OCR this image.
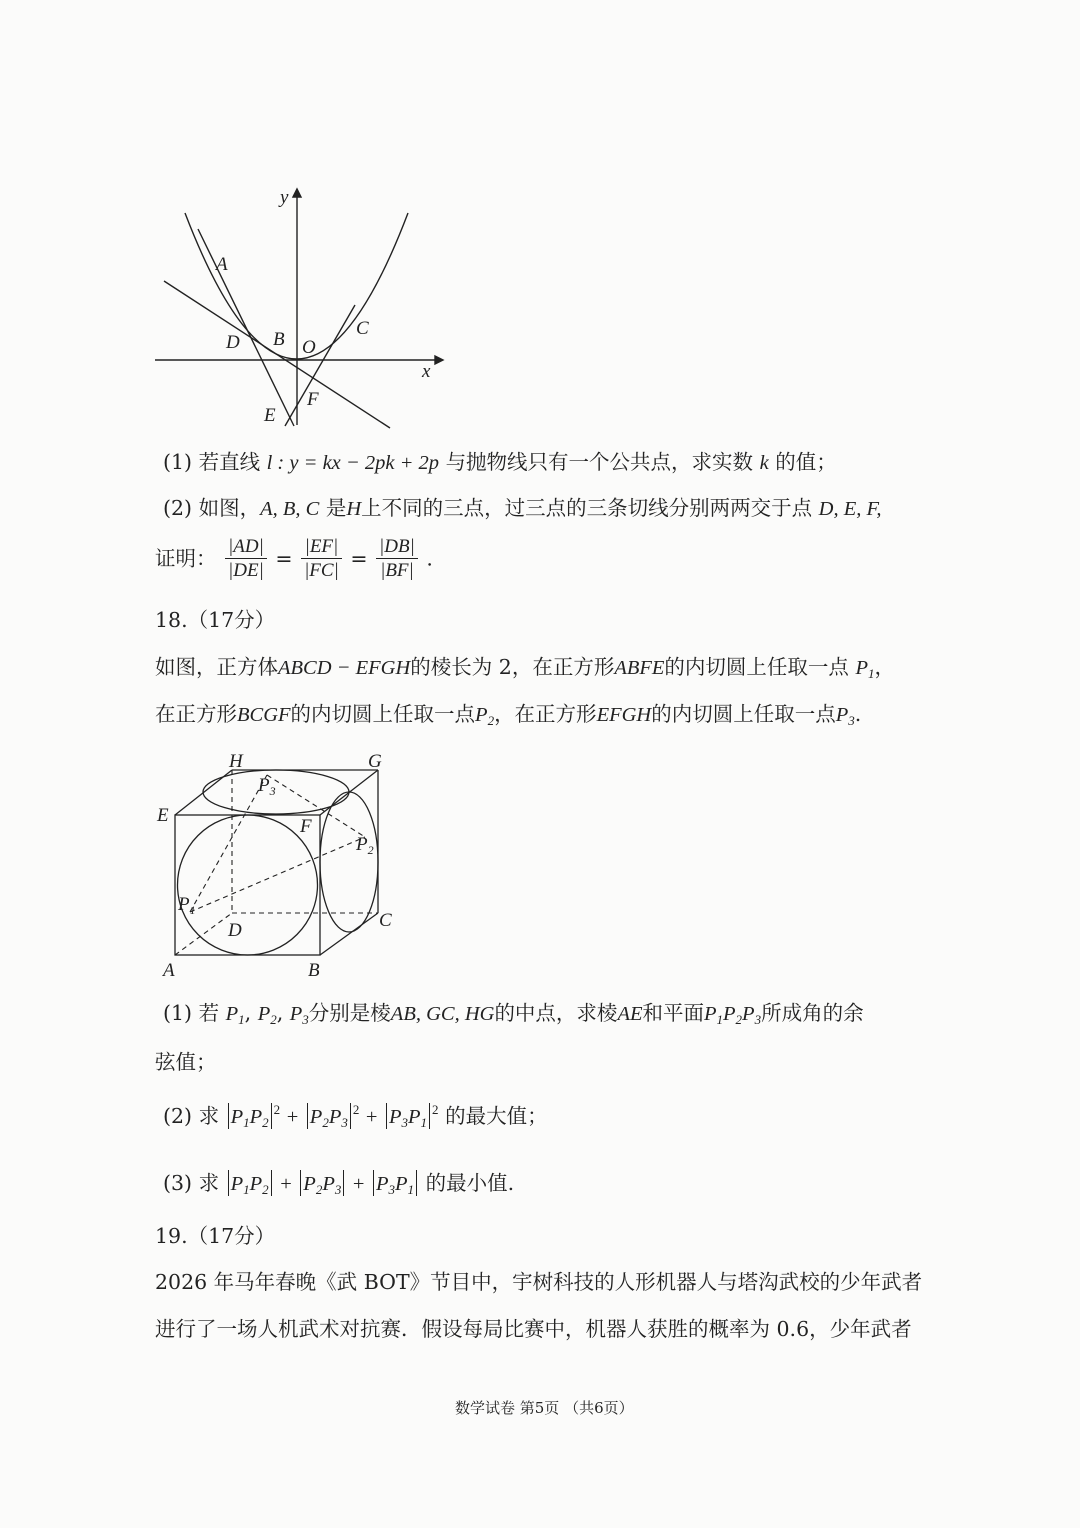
y
x
A
D B O
C
F
E
(1) 若直线 l : y = kx − 2pk + 2p 与抛物线只有一个公共点，求实数 k 的值；
(2) 如图，A, B, C 是H上不同的三点，过三点的三条切线分别两两交于点 D, E, F,
证明： $\frac{|AD|}{|DE|} = \frac{|EF|}{|FC|} = \frac{|DB|}{|BF|}$ .
18.（17分）
如图，正方体ABCD − EFGH的棱长为 2，在正方形ABFE的内切圆上任取一点 $P_1$，
在正方形BCGF的内切圆上任取一点$P_2$，在正方形EFGH的内切圆上任取一点$P_3$.
H	G
E
F
A	B
C
D
$P_3$
$P_2$
$P_1$
(1) 若 $P_1$, $P_2$, $P_3$分别是棱AB, GC, HG的中点，求棱AE和平面$P_1P_2P_3$所成角的余
弦值；
(2) 求 $P_1P_2^2 + P_2P_3^2 + P_3P_1^2$ 的最大值；
(3) 求 $P_1P_2 + P_2P_3 + P_3P_1$ 的最小值.
19.（17分）
2026 年马年春晚《武 BOT》节目中，宇树科技的人形机器人与塔沟武校的少年武者
进行了一场人机武术对抗赛．假设每局比赛中，机器人获胜的概率为 0.6，少年武者
数学试卷 第5页 （共6页）
